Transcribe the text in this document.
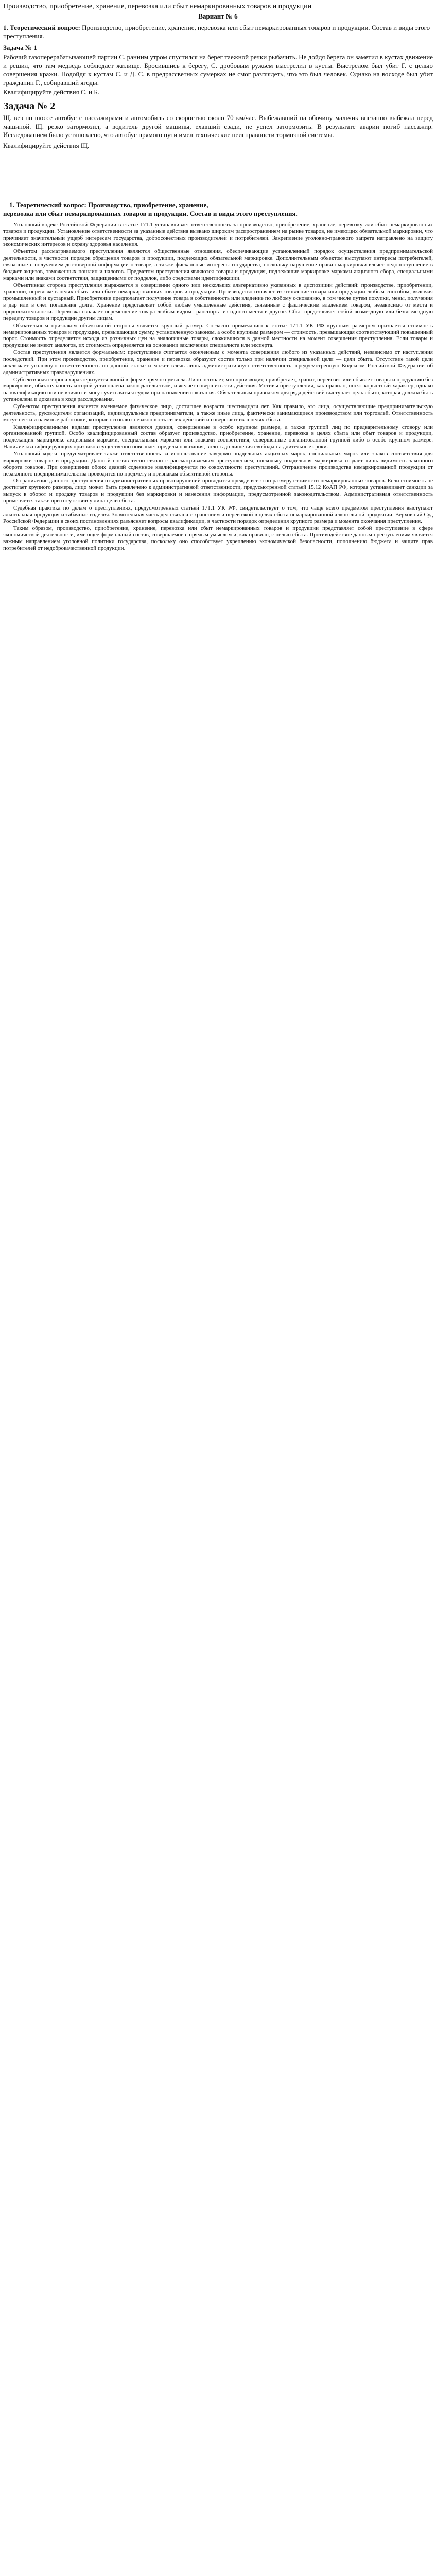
Производство, приобретение, хранение, перевозка или сбыт немаркированных товаров и продукции
Вариант № 6
1. Теоретический вопрос: Производство, приобретение, хранение, перевозка или сбыт немаркированных товаров и продукции. Состав и виды этого преступления.
Задача № 1
Рабочий газоперерабатывающей партии С. ранним утром спустился на берег таежной речки рыбачить. Не дойдя берега он заметил в кустах движение и решил, что там медведь соблюдает жилище. Бросившись к берегу, С. дробовым ружьём выстрелил в кусты. Выстрелом был убит Г. с целью совершения кражи. Подойдя к кустам С. и Д. С. в предрассветных сумерках не смог разглядеть, что это был человек. Однако на восходе был убит гражданин Г., собиравший ягоды.
Квалифицируйте действия С. и Б.
Задача № 2
Щ. вез по шоссе автобус с пассажирами и автомобиль со скоростью около 70 км/час. Выбежавший на обочину мальчик внезапно выбежал перед машиной. Щ. резко затормозил, а водитель другой машины, ехавший сзади, не успел затормозить. В результате аварии погиб пассажир. Исследованием было установлено, что автобус прямого пути имел технические неисправности тормозной системы.
Квалифицируйте действия Щ.
1. Теоретический вопрос: Производство, приобретение, хранение,
перевозка или сбыт немаркированных товаров и продукции. Состав и виды этого преступления.

Уголовный кодекс Российской Федерации в статье 171.1 устанавливает ответственность за производство, приобретение, хранение, перевозку или сбыт немаркированных товаров и продукции. Установление ответственности за указанные действия вызвано широким распространением на рынке товаров, не имеющих обязательной маркировки, что причиняет значительный ущерб интересам государства, добросовестных производителей и потребителей. Закрепление уголовно-правового запрета направлено на защиту экономических интересов и охрану здоровья населения.

Объектом рассматриваемого преступления являются общественные отношения, обеспечивающие установленный порядок осуществления предпринимательской деятельности, в частности порядок обращения товаров и продукции, подлежащих обязательной маркировке. Дополнительным объектом выступают интересы потребителей, связанные с получением достоверной информации о товаре, а также фискальные интересы государства, поскольку нарушение правил маркировки влечет недопоступление в бюджет акцизов, таможенных пошлин и налогов. Предметом преступления являются товары и продукция, подлежащие маркировке марками акцизного сбора, специальными марками или знаками соответствия, защищенными от подделок, либо средствами идентификации.

Объективная сторона преступления выражается в совершении одного или нескольких альтернативно указанных в диспозиции действий: производстве, приобретении, хранении, перевозке в целях сбыта или сбыте немаркированных товаров и продукции. Производство означает изготовление товара или продукции любым способом, включая промышленный и кустарный. Приобретение предполагает получение товара в собственность или владение по любому основанию, в том числе путем покупки, мены, получения в дар или в счет погашения долга. Хранение представляет собой любые умышленные действия, связанные с фактическим владением товаром, независимо от места и продолжительности. Перевозка означает перемещение товара любым видом транспорта из одного места в другое. Сбыт представляет собой возмездную или безвозмездную передачу товаров и продукции другим лицам.

Обязательным признаком объективной стороны является крупный размер. Согласно примечанию к статье 171.1 УК РФ крупным размером признается стоимость немаркированных товаров и продукции, превышающая сумму, установленную законом, а особо крупным размером — стоимость, превышающая соответствующий повышенный порог. Стоимость определяется исходя из розничных цен на аналогичные товары, сложившихся в данной местности на момент совершения преступления. Если товары и продукция не имеют аналогов, их стоимость определяется на основании заключения специалиста или эксперта.

Состав преступления является формальным: преступление считается оконченным с момента совершения любого из указанных действий, независимо от наступления последствий. При этом производство, приобретение, хранение и перевозка образуют состав только при наличии специальной цели — цели сбыта. Отсутствие такой цели исключает уголовную ответственность по данной статье и может влечь лишь административную ответственность, предусмотренную Кодексом Российской Федерации об административных правонарушениях.

Субъективная сторона характеризуется виной в форме прямого умысла. Лицо осознает, что производит, приобретает, хранит, перевозит или сбывает товары и продукцию без маркировки, обязательность которой установлена законодательством, и желает совершить эти действия. Мотивы преступления, как правило, носят корыстный характер, однако на квалификацию они не влияют и могут учитываться судом при назначении наказания. Обязательным признаком для ряда действий выступает цель сбыта, которая должна быть установлена и доказана в ходе расследования.

Субъектом преступления является вменяемое физическое лицо, достигшее возраста шестнадцати лет. Как правило, это лица, осуществляющие предпринимательскую деятельность, руководители организаций, индивидуальные предприниматели, а также иные лица, фактически занимающиеся производством или торговлей. Ответственность могут нести и наемные работники, которые осознают незаконность своих действий и совершают их в целях сбыта.

Квалифицированными видами преступления являются деяния, совершенные в особо крупном размере, а также группой лиц по предварительному сговору или организованной группой. Особо квалифицированный состав образует производство, приобретение, хранение, перевозка в целях сбыта или сбыт товаров и продукции, подлежащих маркировке акцизными марками, специальными марками или знаками соответствия, совершенные организованной группой либо в особо крупном размере. Наличие квалифицирующих признаков существенно повышает пределы наказания, вплоть до лишения свободы на длительные сроки.

Уголовный кодекс предусматривает также ответственность за использование заведомо поддельных акцизных марок, специальных марок или знаков соответствия для маркировки товаров и продукции. Данный состав тесно связан с рассматриваемым преступлением, поскольку поддельная маркировка создает лишь видимость законного оборота товаров. При совершении обоих деяний содеянное квалифицируется по совокупности преступлений. Отграничение производства немаркированной продукции от незаконного предпринимательства проводится по предмету и признакам объективной стороны.

Отграничение данного преступления от административных правонарушений проводится прежде всего по размеру стоимости немаркированных товаров. Если стоимость не достигает крупного размера, лицо может быть привлечено к административной ответственности, предусмотренной статьей 15.12 КоАП РФ, которая устанавливает санкции за выпуск в оборот и продажу товаров и продукции без маркировки и нанесения информации, предусмотренной законодательством. Административная ответственность применяется также при отсутствии у лица цели сбыта.

Судебная практика по делам о преступлениях, предусмотренных статьей 171.1 УК РФ, свидетельствует о том, что чаще всего предметом преступления выступают алкогольная продукция и табачные изделия. Значительная часть дел связана с хранением и перевозкой в целях сбыта немаркированной алкогольной продукции. Верховный Суд Российской Федерации в своих постановлениях разъясняет вопросы квалификации, в частности порядок определения крупного размера и момента окончания преступления.

Таким образом, производство, приобретение, хранение, перевозка или сбыт немаркированных товаров и продукции представляет собой преступление в сфере экономической деятельности, имеющее формальный состав, совершаемое с прямым умыслом и, как правило, с целью сбыта. Противодействие данным преступлениям является важным направлением уголовной политики государства, поскольку оно способствует укреплению экономической безопасности, пополнению бюджета и защите прав потребителей от недоброкачественной продукции.
